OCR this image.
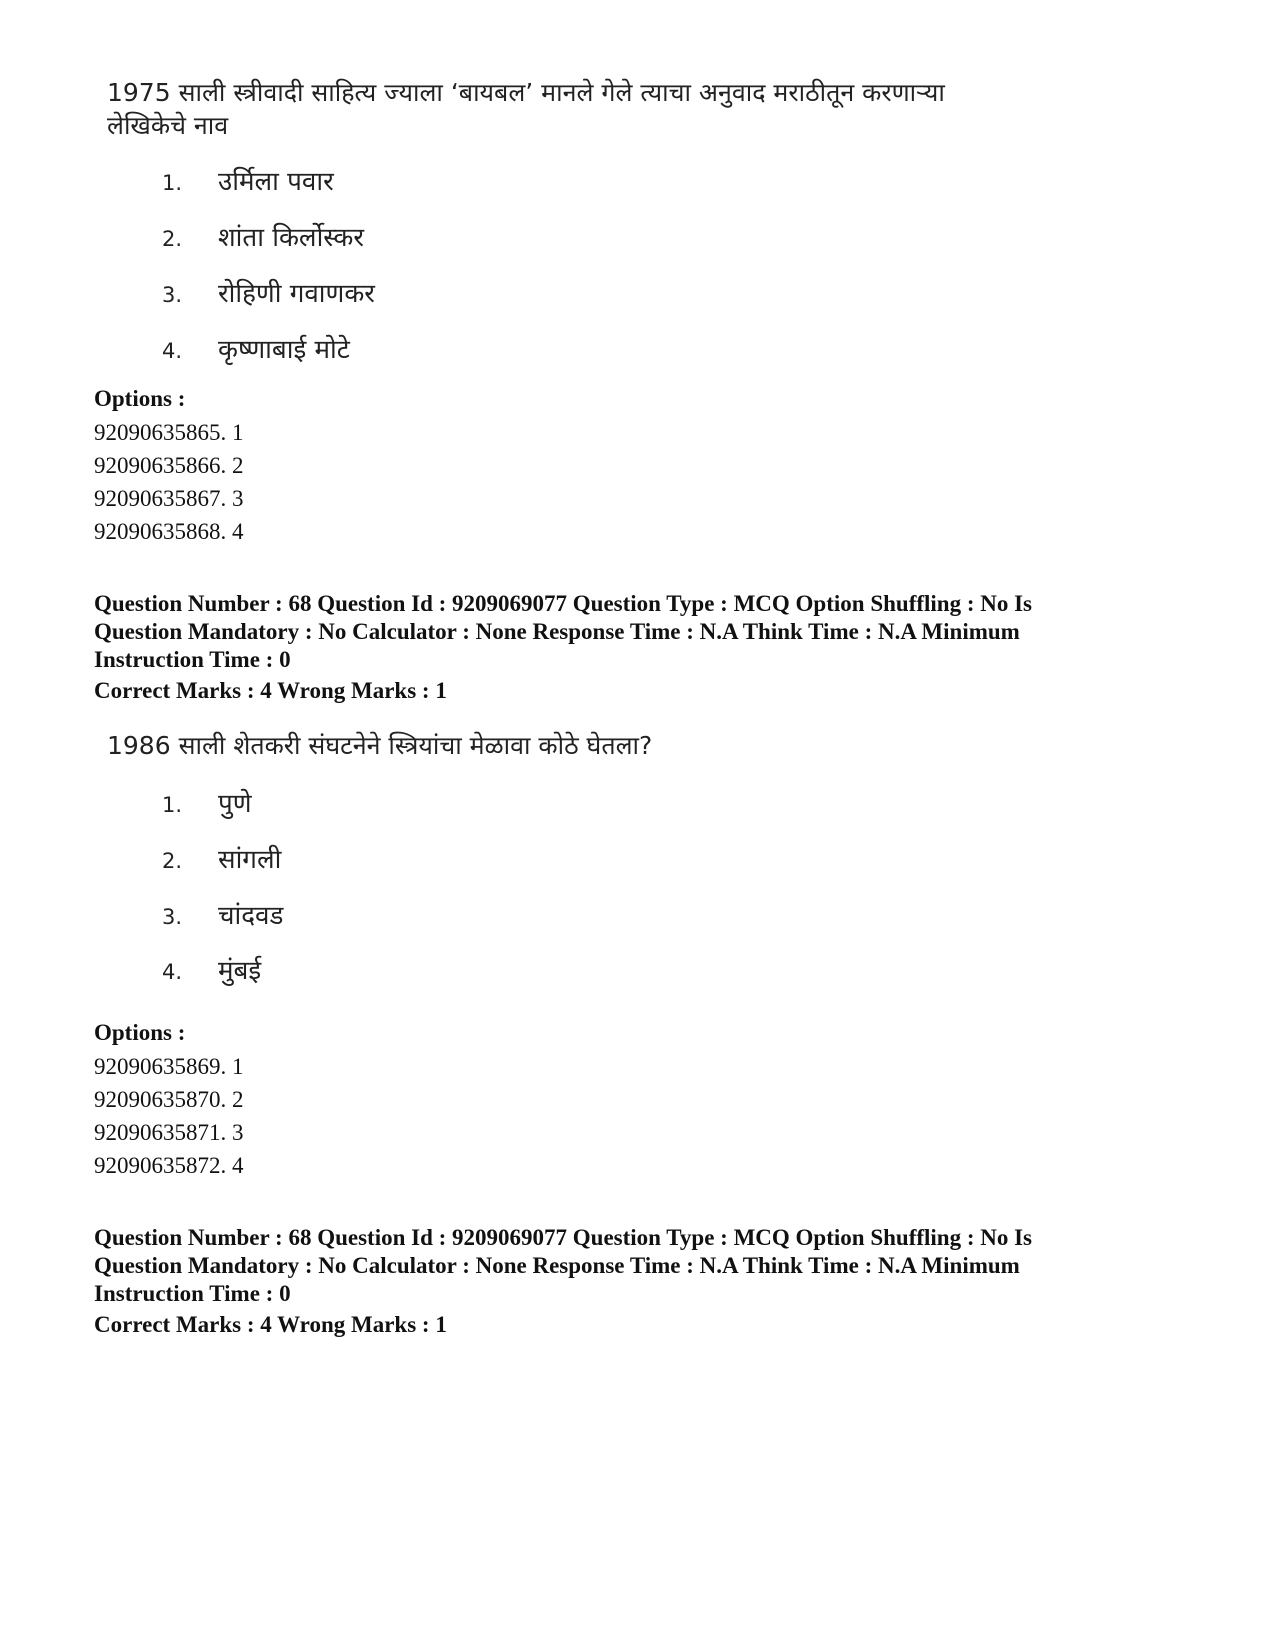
1975 साली स्त्रीवादी साहित्य ज्याला ‘बायबल’ मानले गेले त्याचा अनुवाद मराठीतून करणाऱ्या
लेखिकेचे नाव
1.	उर्मिला पवार
2.	शांता किर्लोस्कर
3.	रोहिणी गवाणकर
4.	कृष्णाबाई मोटे
Options :
92090635865. 1
92090635866. 2
92090635867. 3
92090635868. 4
Question Number : 68 Question Id : 9209069077 Question Type : MCQ Option Shuffling : No Is
Question Mandatory : No Calculator : None Response Time : N.A Think Time : N.A Minimum
Instruction Time : 0
Correct Marks : 4 Wrong Marks : 1
1986 साली शेतकरी संघटनेने स्त्रियांचा मेळावा कोठे घेतला?
1.	पुणे
2.	सांगली
3.	चांदवड
4.	मुंबई
Options :
92090635869. 1
92090635870. 2
92090635871. 3
92090635872. 4
Question Number : 68 Question Id : 9209069077 Question Type : MCQ Option Shuffling : No Is
Question Mandatory : No Calculator : None Response Time : N.A Think Time : N.A Minimum
Instruction Time : 0
Correct Marks : 4 Wrong Marks : 1
